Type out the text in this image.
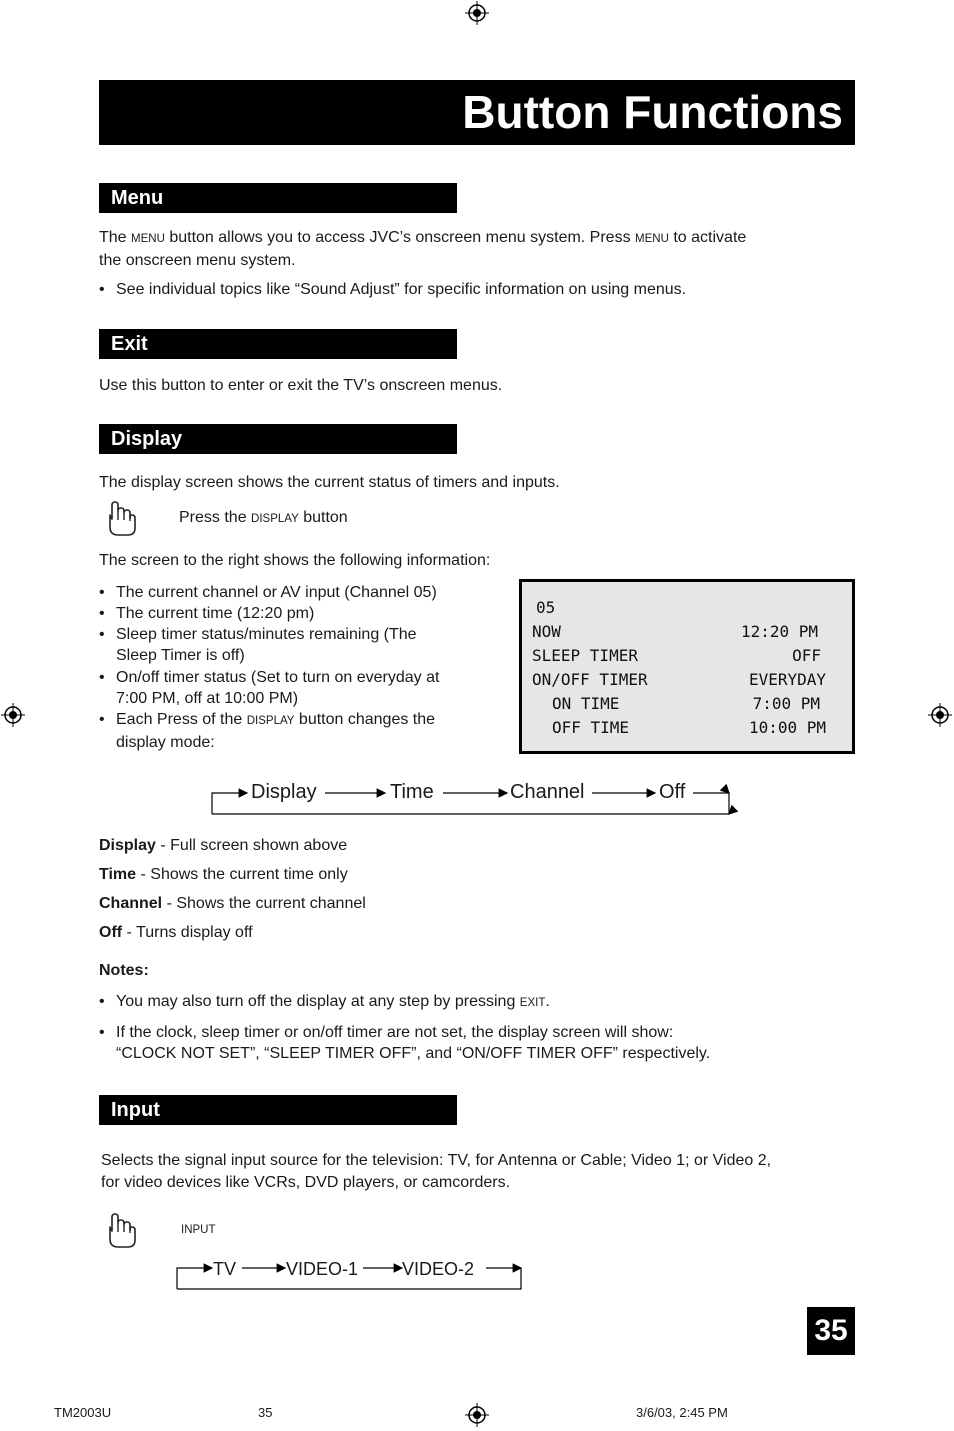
Button Functions
Menu
The MENU button allows you to access JVC’s onscreen menu system. Press MENU to activate
the onscreen menu system.
• See individual topics like “Sound Adjust” for specific information on using menus.
Exit
Use this button to enter or exit the TV’s onscreen menus.
Display
The display screen shows the current status of timers and inputs.
Press the DISPLAY button
The screen to the right shows the following information:
• The current channel or AV input (Channel 05)
• The current time (12:20 pm)
• Sleep timer status/minutes remaining (The
Sleep Timer is off)
• On/off timer status (Set to turn on everyday at
7:00 PM, off at 10:00 PM)
• Each Press of the DISPLAY button changes the
display mode:
05
NOW	12:20 PM
SLEEP TIMER	OFF
ON/OFF TIMER	EVERYDAY
ON TIME	7:00 PM
OFF TIME	10:00 PM
Display	Time	Channel	Off
Display - Full screen shown above
Time - Shows the current time only
Channel - Shows the current channel
Off - Turns display off
Notes:
• You may also turn off the display at any step by pressing EXIT.
• If the clock, sleep timer or on/off timer are not set, the display screen will show:
“CLOCK NOT SET”, “SLEEP TIMER OFF”, and “ON/OFF TIMER OFF” respectively.
Input
Selects the signal input source for the television: TV, for Antenna or Cable; Video 1; or Video 2,
for video devices like VCRs, DVD players, or camcorders.
INPUT
TV	VIDEO-1 VIDEO-2
35
TM2003U	35	3/6/03, 2:45 PM
